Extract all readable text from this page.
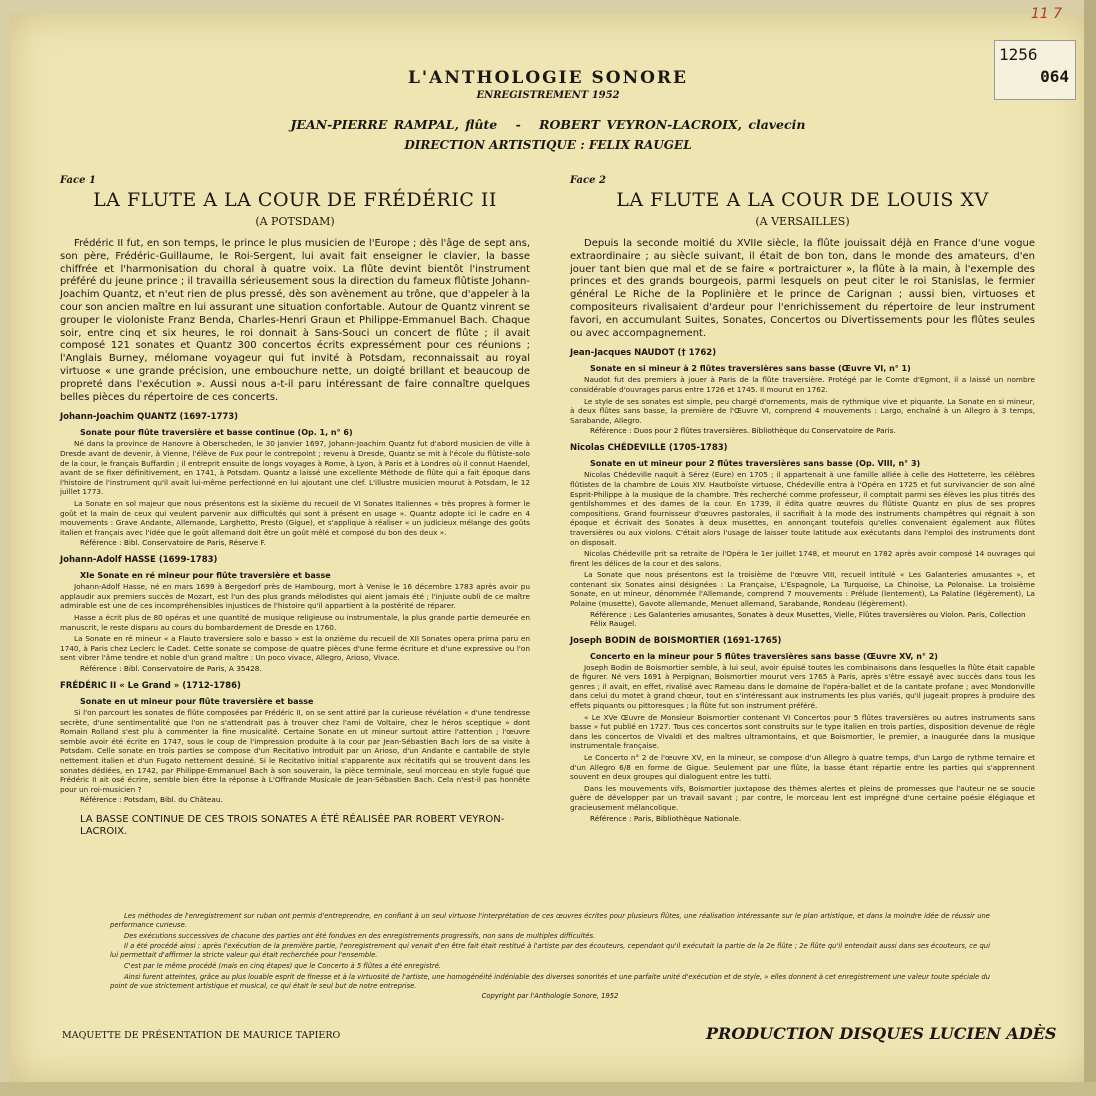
11 7
1256
064
L'ANTHOLOGIE SONORE
ENREGISTREMENT 1952
JEAN-PIERRE RAMPAL, flûte - ROBERT VEYRON-LACROIX, clavecin
DIRECTION ARTISTIQUE : FELIX RAUGEL
Face 1
LA FLUTE A LA COUR DE FRÉDÉRIC II
(A POTSDAM)
Frédéric II fut, en son temps, le prince le plus musicien de l'Europe ; dès l'âge de sept ans, son père, Frédéric-Guillaume, le Roi-Sergent, lui avait fait enseigner le clavier, la basse chiffrée et l'harmonisation du choral à quatre voix. La flûte devint bientôt l'instrument préféré du jeune prince ; il travailla sérieusement sous la direction du fameux flûtiste Johann-Joachim Quantz, et n'eut rien de plus pressé, dès son avènement au trône, que d'appeler à la cour son ancien maître en lui assurant une situation confortable. Autour de Quantz vinrent se grouper le violoniste Franz Benda, Charles-Henri Graun et Philippe-Emmanuel Bach. Chaque soir, entre cinq et six heures, le roi donnait à Sans-Souci un concert de flûte ; il avait composé 121 sonates et Quantz 300 concertos écrits expressément pour ces réunions ; l'Anglais Burney, mélomane voyageur qui fut invité à Potsdam, reconnaissait au royal virtuose « une grande précision, une embouchure nette, un doigté brillant et beaucoup de propreté dans l'exécution ». Aussi nous a-t-il paru intéressant de faire connaître quelques belles pièces du répertoire de ces concerts.
Johann-Joachim QUANTZ (1697-1773)
Sonate pour flûte traversière et basse continue (Op. 1, n° 6)
Né dans la province de Hanovre à Oberscheden, le 30 janvier 1697, Johann-Joachim Quantz fut d'abord musicien de ville à Dresde avant de devenir, à Vienne, l'élève de Fux pour le contrepoint ; revenu à Dresde, Quantz se mit à l'école du flûtiste-solo de la cour, le français Buffardin ; il entreprit ensuite de longs voyages à Rome, à Lyon, à Paris et à Londres où il connut Haendel, avant de se fixer définitivement, en 1741, à Potsdam. Quantz a laissé une excellente Méthode de flûte qui a fait époque dans l'histoire de l'instrument qu'il avait lui-même perfectionné en lui ajoutant une clef. L'illustre musicien mourut à Potsdam, le 12 juillet 1773.
La Sonate en sol majeur que nous présentons est la sixième du recueil de VI Sonates Italiennes « très propres à former le goût et la main de ceux qui veulent parvenir aux difficultés qui sont à présent en usage ». Quantz adopte ici le cadre en 4 mouvements : Grave Andante, Allemande, Larghetto, Presto (Gigue), et s'applique à réaliser « un judicieux mélange des goûts italien et français avec l'idée que le goût allemand doit être un goût mêlé et composé du bon des deux ».
Référence : Bibl. Conservatoire de Paris, Réserve F.
Johann-Adolf HASSE (1699-1783)
XIe Sonate en ré mineur pour flûte traversière et basse
Johann-Adolf Hasse, né en mars 1699 à Bergedorf près de Hambourg, mort à Venise le 16 décembre 1783 après avoir pu applaudir aux premiers succès de Mozart, est l'un des plus grands mélodistes qui aient jamais été ; l'injuste oubli de ce maître admirable est une de ces incompréhensibles injustices de l'histoire qu'il appartient à la postérité de réparer.
Hasse a écrit plus de 80 opéras et une quantité de musique religieuse ou instrumentale, la plus grande partie demeurée en manuscrit, le reste disparu au cours du bombardement de Dresde en 1760.
La Sonate en ré mineur « a Flauto traversiere solo e basso » est la onzième du recueil de XII Sonates opera prima paru en 1740, à Paris chez Leclerc le Cadet. Cette sonate se compose de quatre pièces d'une ferme écriture et d'une expressive ou l'on sent vibrer l'âme tendre et noble d'un grand maître : Un poco vivace, Allegro, Arioso, Vivace.
Référence : Bibl. Conservatoire de Paris, A 35428.
FRÉDÉRIC II « Le Grand » (1712-1786)
Sonate en ut mineur pour flûte traversière et basse
Si l'on parcourt les sonates de flûte composées par Frédéric II, on se sent attiré par la curieuse révélation « d'une tendresse secrète, d'une sentimentalité que l'on ne s'attendrait pas à trouver chez l'ami de Voltaire, chez le héros sceptique » dont Romain Rolland s'est plu à commenter la fine musicalité. Certaine Sonate en ut mineur surtout attire l'attention ; l'œuvre semble avoir été écrite en 1747, sous le coup de l'impression produite à la cour par Jean-Sébastien Bach lors de sa visite à Potsdam. Celle sonate en trois parties se compose d'un Recitativo introduit par un Arioso, d'un Andante e cantabile de style nettement italien et d'un Fugato nettement dessiné. Si le Recitativo initial s'apparente aux récitatifs qui se trouvent dans les sonates dédiées, en 1742, par Philippe-Emmanuel Bach à son souverain, la pièce terminale, seul morceau en style fugué que Frédéric II ait osé écrire, semble bien être la réponse à L'Offrande Musicale de Jean-Sébastien Bach. Cela n'est-il pas honnête pour un roi-musicien ?
Référence : Potsdam, Bibl. du Château.
LA BASSE CONTINUE DE CES TROIS SONATES A ÉTÉ RÉALISÉE PAR ROBERT VEYRON-LACROIX.
Face 2
LA FLUTE A LA COUR DE LOUIS XV
(A VERSAILLES)
Depuis la seconde moitié du XVIIe siècle, la flûte jouissait déjà en France d'une vogue extraordinaire ; au siècle suivant, il était de bon ton, dans le monde des amateurs, d'en jouer tant bien que mal et de se faire « portraicturer », la flûte à la main, à l'exemple des princes et des grands bourgeois, parmi lesquels on peut citer le roi Stanislas, le fermier général Le Riche de la Poplinière et le prince de Carignan ; aussi bien, virtuoses et compositeurs rivalisaient d'ardeur pour l'enrichissement du répertoire de leur instrument favori, en accumulant Suites, Sonates, Concertos ou Divertissements pour les flûtes seules ou avec accompagnement.
Jean-Jacques NAUDOT († 1762)
Sonate en si mineur à 2 flûtes traversières sans basse (Œuvre VI, n° 1)
Naudot fut des premiers à jouer à Paris de la flûte traversière. Protégé par le Comte d'Egmont, il a laissé un nombre considérable d'ouvrages parus entre 1726 et 1745. Il mourut en 1762.
Le style de ses sonates est simple, peu chargé d'ornements, mais de rythmique vive et piquante. La Sonate en si mineur, à deux flûtes sans basse, la première de l'Œuvre VI, comprend 4 mouvements : Largo, enchaîné à un Allegro à 3 temps, Sarabande, Allegro.
Référence : Duos pour 2 flûtes traversières. Bibliothèque du Conservatoire de Paris.
Nicolas CHÉDEVILLE (1705-1783)
Sonate en ut mineur pour 2 flûtes traversières sans basse (Op. VIII, n° 3)
Nicolas Chédeville naquit à Sérez (Eure) en 1705 ; il appartenait à une famille alliée à celle des Hotteterre, les célèbres flûtistes de la chambre de Louis XIV. Hautboïste virtuose, Chédeville entra à l'Opéra en 1725 et fut survivancier de son aîné Esprit-Philippe à la musique de la chambre. Très recherché comme professeur, il comptait parmi ses élèves les plus titrés des gentilshommes et des dames de la cour. En 1739, il édita quatre œuvres du flûtiste Quantz en plus de ses propres compositions. Grand fournisseur d'œuvres pastorales, il sacrifiait à la mode des instruments champêtres qui régnait à son époque et écrivait des Sonates à deux musettes, en annonçant toutefois qu'elles convenaient également aux flûtes traversières ou aux violons. C'était alors l'usage de laisser toute latitude aux exécutants dans l'emploi des instruments dont on disposait.
Nicolas Chédeville prit sa retraite de l'Opéra le 1er juillet 1748, et mourut en 1782 après avoir composé 14 ouvrages qui firent les délices de la cour et des salons.
La Sonate que nous présentons est la troisième de l'œuvre VIII, recueil intitulé « Les Galanteries amusantes », et contenant six Sonates ainsi désignées : La Française, L'Espagnole, La Turquoise, La Chinoise, La Polonaise. La troisième Sonate, en ut mineur, dénommée l'Allemande, comprend 7 mouvements : Prélude (lentement), La Palatine (légèrement), La Polaine (musette), Gavote allemande, Menuet allemand, Sarabande, Rondeau (légèrement).
Référence : Les Galanteries amusantes, Sonates à deux Musettes, Vielle, Flûtes traversières ou Violon. Paris, Collection Félix Raugel.
Joseph BODIN de BOISMORTIER (1691-1765)
Concerto en la mineur pour 5 flûtes traversières sans basse (Œuvre XV, n° 2)
Joseph Bodin de Boismortier semble, à lui seul, avoir épuisé toutes les combinaisons dans lesquelles la flûte était capable de figurer. Né vers 1691 à Perpignan, Boismortier mourut vers 1765 à Paris, après s'être essayé avec succès dans tous les genres ; il avait, en effet, rivalisé avec Rameau dans le domaine de l'opéra-ballet et de la cantate profane ; avec Mondonville dans celui du motet à grand chœur, tout en s'intéressant aux instruments les plus variés, qu'il jugeait propres à produire des effets piquants ou pittoresques ; la flûte fut son instrument préféré.
« Le XVe Œuvre de Monsieur Boismortier contenant VI Concertos pour 5 flûtes traversières ou autres instruments sans basse » fut publié en 1727. Tous ces concertos sont construits sur le type italien en trois parties, disposition devenue de règle dans les concertos de Vivaldi et des maîtres ultramontains, et que Boismortier, le premier, a inaugurée dans la musique instrumentale française.
Le Concerto n° 2 de l'œuvre XV, en la mineur, se compose d'un Allegro à quatre temps, d'un Largo de rythme ternaire et d'un Allegro 6/8 en forme de Gigue. Seulement par une flûte, la basse étant répartie entre les parties qui s'apprennent souvent en deux groupes qui dialoguent entre les tutti.
Dans les mouvements vifs, Boismortier juxtapose des thèmes alertes et pleins de promesses que l'auteur ne se soucie guère de développer par un travail savant ; par contre, le morceau lent est imprégné d'une certaine poésie élégiaque et gracieusement mélancolique.
Référence : Paris, Bibliothèque Nationale.
Les méthodes de l'enregistrement sur ruban ont permis d'entreprendre, en confiant à un seul virtuose l'interprétation de ces œuvres écrites pour plusieurs flûtes, une réalisation intéressante sur le plan artistique, et dans la moindre idée de réussir une performance curieuse.
Des exécutions successives de chacune des parties ont été fondues en des enregistrements progressifs, non sans de multiples difficultés.
Il a été procédé ainsi : après l'exécution de la première partie, l'enregistrement qui venait d'en être fait était restitué à l'artiste par des écouteurs, cependant qu'il exécutait la partie de la 2e flûte ; 2e flûte qu'il entendait aussi dans ses écouteurs, ce qui lui permettait d'affirmer la stricte valeur qui était recherchée pour l'ensemble.
C'est par le même procédé (mais en cinq étapes) que le Concerto à 5 flûtes a été enregistré.
Ainsi furent atteintes, grâce au plus louable esprit de finesse et à la virtuosité de l'artiste, une homogénéité indéniable des diverses sonorités et une parfaite unité d'exécution et de style, » elles donnent à cet enregistrement une valeur toute spéciale du point de vue strictement artistique et musical, ce qui était le seul but de notre entreprise.
Copyright par l'Anthologie Sonore, 1952
MAQUETTE DE PRÉSENTATION DE MAURICE TAPIERO	PRODUCTION DISQUES LUCIEN ADÈS
